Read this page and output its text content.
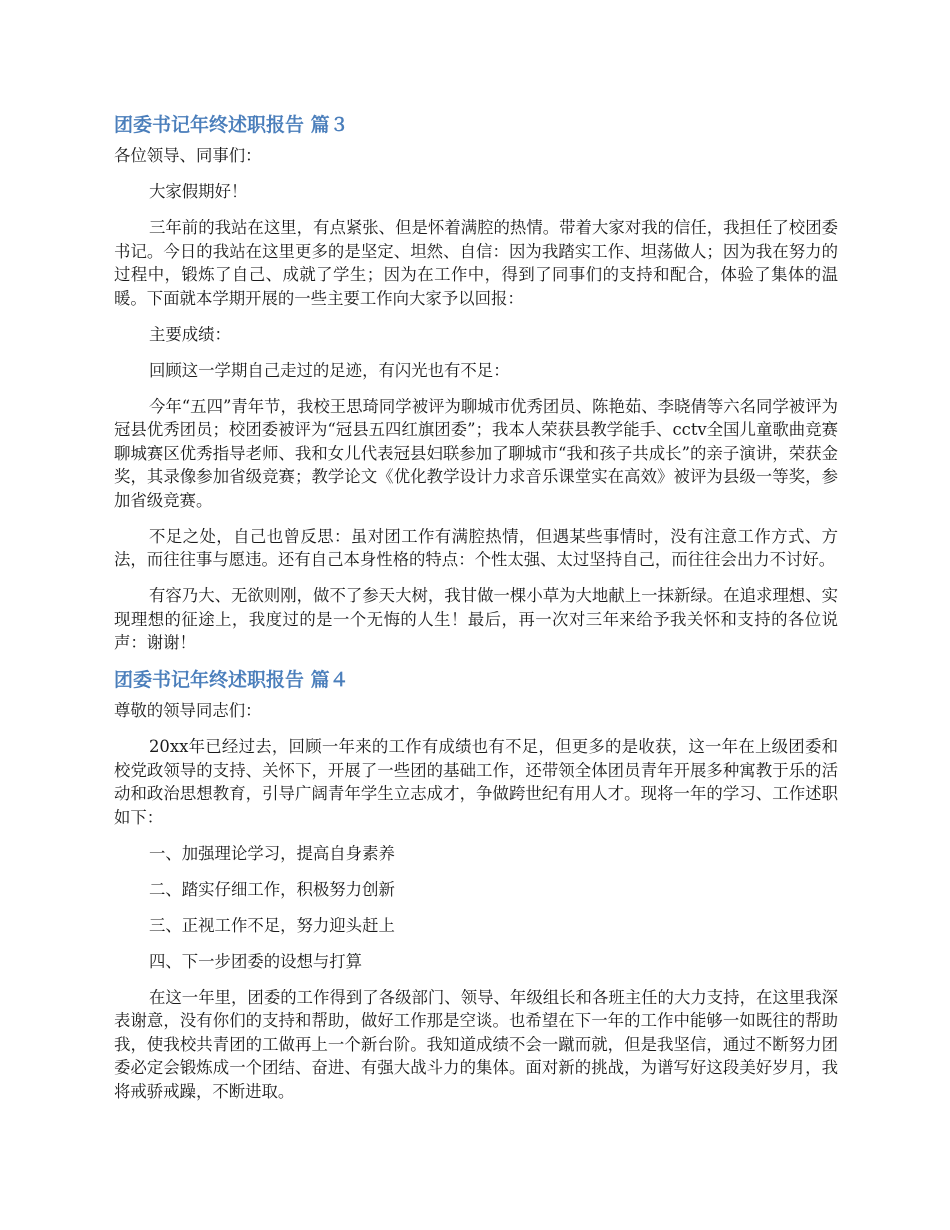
团委书记年终述职报告 篇３

各位领导、同事们：

大家假期好！

三年前的我站在这里，有点紧张、但是怀着满腔的热情。带着大家对我的信任，我担任了校团委书记。今日的我站在这里更多的是坚定、坦然、自信：因为我踏实工作、坦荡做人；因为我在努力的过程中，锻炼了自己、成就了学生；因为在工作中，得到了同事们的支持和配合，体验了集体的温暖。下面就本学期开展的一些主要工作向大家予以回报：

主要成绩：

回顾这一学期自己走过的足迹，有闪光也有不足：

今年“五四”青年节，我校王思琦同学被评为聊城市优秀团员、陈艳茹、李晓倩等六名同学被评为冠县优秀团员；校团委被评为“冠县五四红旗团委”；我本人荣获县教学能手、cctv全国儿童歌曲竞赛聊城赛区优秀指导老师、我和女儿代表冠县妇联参加了聊城市“我和孩子共成长”的亲子演讲，荣获金奖，其录像参加省级竞赛；教学论文《优化教学设计力求音乐课堂实在高效》被评为县级一等奖，参加省级竞赛。

不足之处，自己也曾反思：虽对团工作有满腔热情，但遇某些事情时，没有注意工作方式、方法，而往往事与愿违。还有自己本身性格的特点：个性太强、太过坚持自己，而往往会出力不讨好。

有容乃大、无欲则刚，做不了参天大树，我甘做一棵小草为大地献上一抹新绿。在追求理想、实现理想的征途上，我度过的是一个无悔的人生！最后，再一次对三年来给予我关怀和支持的各位说声：谢谢！

团委书记年终述职报告 篇４

尊敬的领导同志们：

20xx年已经过去，回顾一年来的工作有成绩也有不足，但更多的是收获，这一年在上级团委和校党政领导的支持、关怀下，开展了一些团的基础工作，还带领全体团员青年开展多种寓教于乐的活动和政治思想教育，引导广阔青年学生立志成才，争做跨世纪有用人才。现将一年的学习、工作述职如下：

一、加强理论学习，提高自身素养

二、踏实仔细工作，积极努力创新

三、正视工作不足，努力迎头赶上

四、下一步团委的设想与打算

在这一年里，团委的工作得到了各级部门、领导、年级组长和各班主任的大力支持，在这里我深表谢意，没有你们的支持和帮助，做好工作那是空谈。也希望在下一年的工作中能够一如既往的帮助我，使我校共青团的工做再上一个新台阶。我知道成绩不会一蹴而就，但是我坚信，通过不断努力团委必定会锻炼成一个团结、奋进、有强大战斗力的集体。面对新的挑战，为谱写好这段美好岁月，我将戒骄戒躁，不断进取。
